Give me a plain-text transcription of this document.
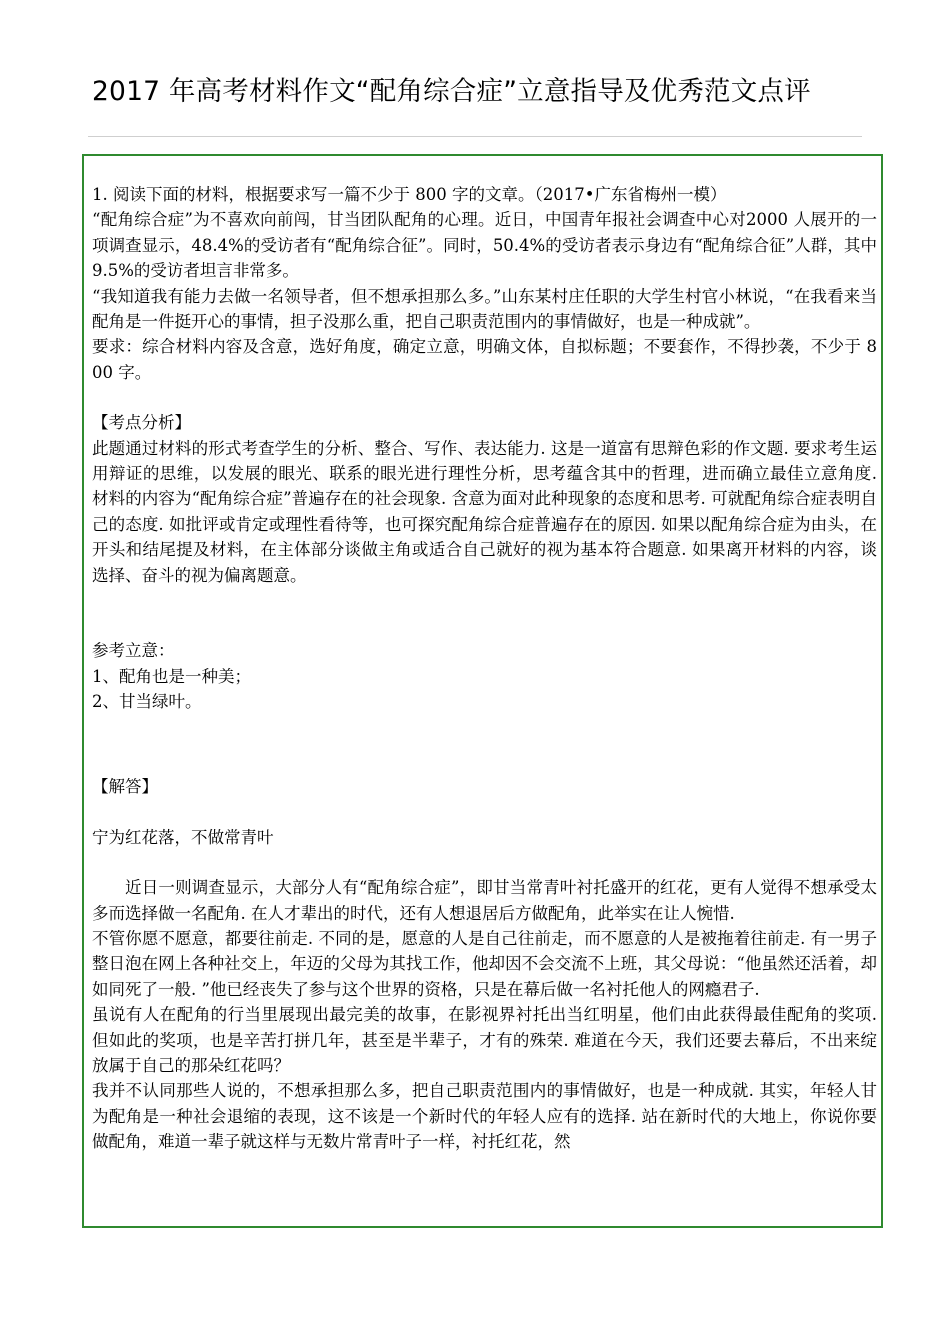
2017 年高考材料作文“配角综合症”立意指导及优秀范文点评

1. 阅读下面的材料，根据要求写一篇不少于 800 字的文章。（2017•广东省梅州一模）

“配角综合症”为不喜欢向前闯，甘当团队配角的心理。近日，中国青年报社会调查中心对2000 人展开的一项调查显示，48.4%的受访者有“配角综合征”。同时，50.4%的受访者表示身边有“配角综合征”人群，其中 9.5%的受访者坦言非常多。

“我知道我有能力去做一名领导者，但不想承担那么多。”山东某村庄任职的大学生村官小林说，“在我看来当配角是一件挺开心的事情，担子没那么重，把自己职责范围内的事情做好，也是一种成就”。

要求：综合材料内容及含意，选好角度，确定立意，明确文体，自拟标题；不要套作，不得抄袭，不少于 800 字。

【考点分析】

此题通过材料的形式考查学生的分析、整合、写作、表达能力. 这是一道富有思辩色彩的作文题. 要求考生运用辩证的思维，以发展的眼光、联系的眼光进行理性分析，思考蕴含其中的哲理，进而确立最佳立意角度. 材料的内容为“配角综合症”普遍存在的社会现象. 含意为面对此种现象的态度和思考. 可就配角综合症表明自己的态度. 如批评或肯定或理性看待等，也可探究配角综合症普遍存在的原因. 如果以配角综合症为由头，在开头和结尾提及材料，在主体部分谈做主角或适合自己就好的视为基本符合题意. 如果离开材料的内容，谈选择、奋斗的视为偏离题意。

参考立意：

1、配角也是一种美；

2、甘当绿叶。

【解答】

宁为红花落，不做常青叶

近日一则调查显示，大部分人有“配角综合症”，即甘当常青叶衬托盛开的红花，更有人觉得不想承受太多而选择做一名配角. 在人才辈出的时代，还有人想退居后方做配角，此举实在让人惋惜.

不管你愿不愿意，都要往前走. 不同的是，愿意的人是自己往前走，而不愿意的人是被拖着往前走. 有一男子整日泡在网上各种社交上，年迈的父母为其找工作，他却因不会交流不上班，其父母说：“他虽然还活着，却如同死了一般. ”他已经丧失了参与这个世界的资格，只是在幕后做一名衬托他人的网瘾君子.

虽说有人在配角的行当里展现出最完美的故事，在影视界衬托出当红明星，他们由此获得最佳配角的奖项. 但如此的奖项，也是辛苦打拼几年，甚至是半辈子，才有的殊荣. 难道在今天，我们还要去幕后，不出来绽放属于自己的那朵红花吗？

我并不认同那些人说的，不想承担那么多，把自己职责范围内的事情做好，也是一种成就. 其实，年轻人甘为配角是一种社会退缩的表现，这不该是一个新时代的年轻人应有的选择. 站在新时代的大地上，你说你要做配角，难道一辈子就这样与无数片常青叶子一样，衬托红花，然
